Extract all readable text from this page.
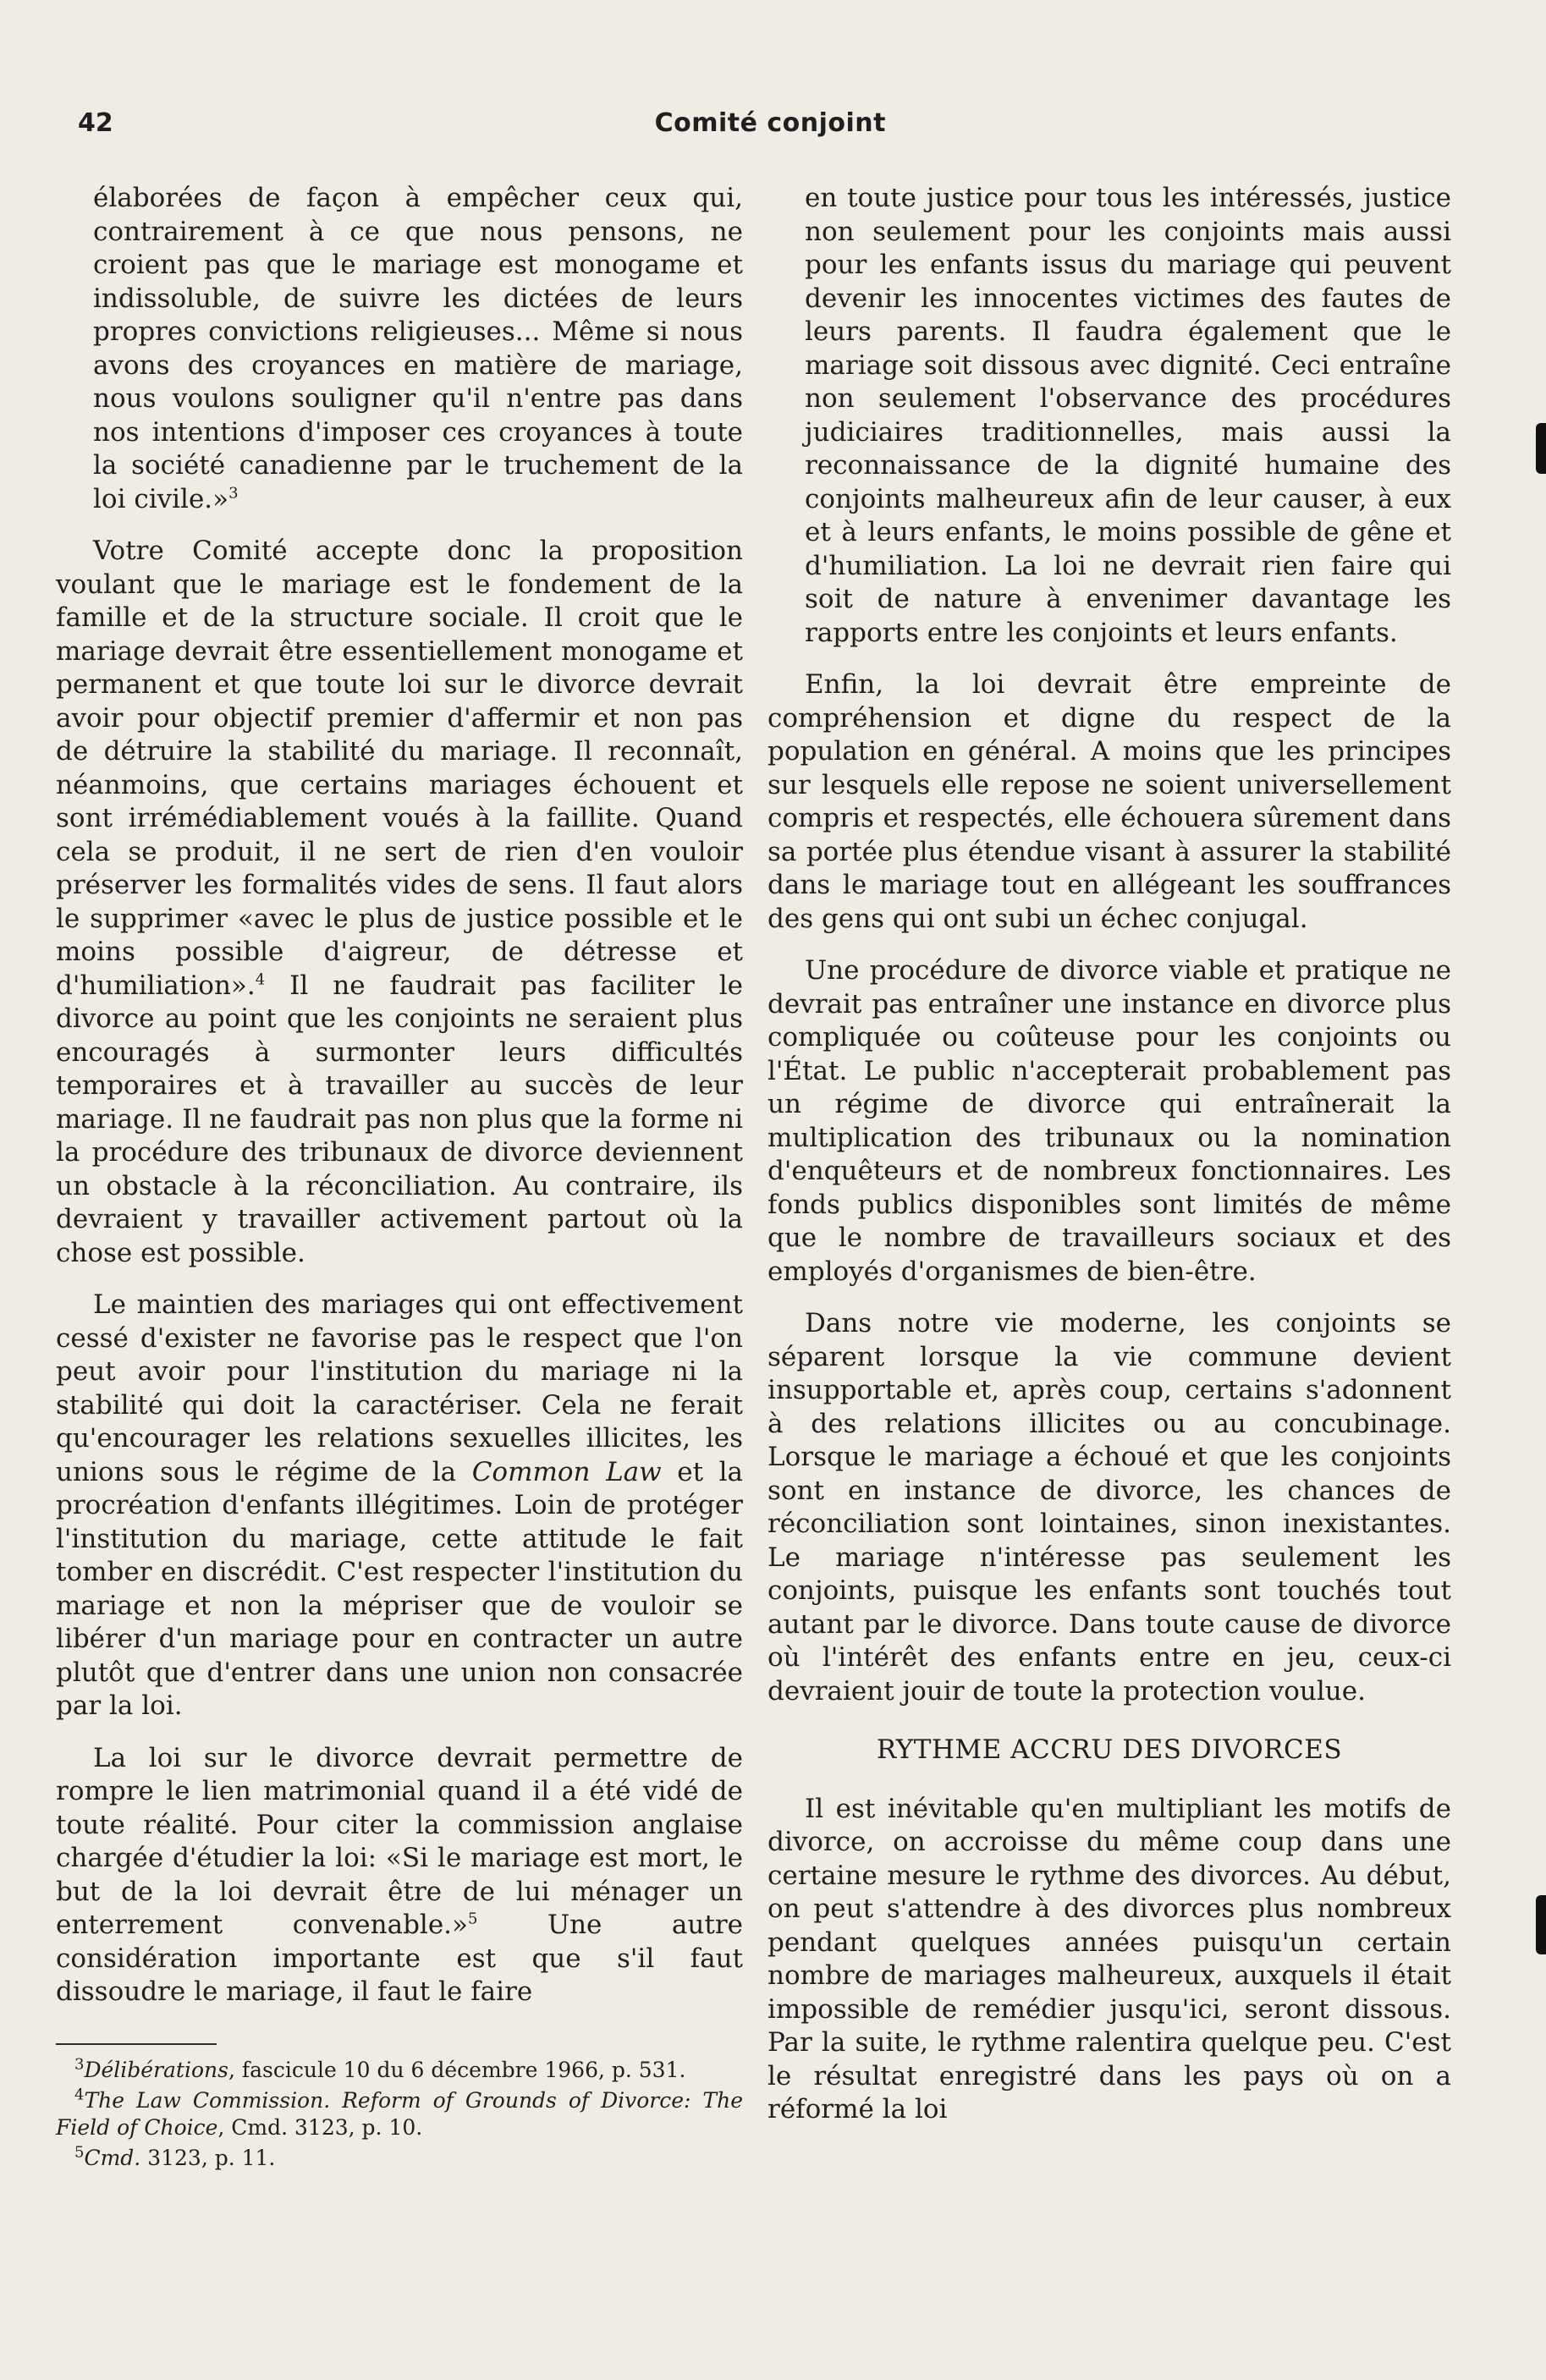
42	Comité conjoint

élaborées de façon à empêcher ceux qui, contrairement à ce que nous pensons, ne croient pas que le mariage est monogame et indissoluble, de suivre les dictées de leurs propres convictions religieuses... Même si nous avons des croyances en matière de mariage, nous voulons souligner qu'il n'entre pas dans nos intentions d'imposer ces croyances à toute la société canadienne par le truchement de la loi civile.»$^3$

Votre Comité accepte donc la proposition voulant que le mariage est le fondement de la famille et de la structure sociale. Il croit que le mariage devrait être essentiellement monogame et permanent et que toute loi sur le divorce devrait avoir pour objectif premier d'affermir et non pas de détruire la stabilité du mariage. Il reconnaît, néanmoins, que certains mariages échouent et sont irrémédiablement voués à la faillite. Quand cela se produit, il ne sert de rien d'en vouloir préserver les formalités vides de sens. Il faut alors le supprimer «avec le plus de justice possible et le moins possible d'aigreur, de détresse et d'humiliation».$^4$ Il ne faudrait pas faciliter le divorce au point que les conjoints ne seraient plus encouragés à surmonter leurs difficultés temporaires et à travailler au succès de leur mariage. Il ne faudrait pas non plus que la forme ni la procédure des tribunaux de divorce deviennent un obstacle à la réconciliation. Au contraire, ils devraient y travailler activement partout où la chose est possible.

Le maintien des mariages qui ont effectivement cessé d'exister ne favorise pas le respect que l'on peut avoir pour l'institution du mariage ni la stabilité qui doit la caractériser. Cela ne ferait qu'encourager les relations sexuelles illicites, les unions sous le régime de la Common Law et la procréation d'enfants illégitimes. Loin de protéger l'institution du mariage, cette attitude le fait tomber en discrédit. C'est respecter l'institution du mariage et non la mépriser que de vouloir se libérer d'un mariage pour en contracter un autre plutôt que d'entrer dans une union non consacrée par la loi.

La loi sur le divorce devrait permettre de rompre le lien matrimonial quand il a été vidé de toute réalité. Pour citer la commission anglaise chargée d'étudier la loi: «Si le mariage est mort, le but de la loi devrait être de lui ménager un enterrement convenable.»$^5$	Une autre considération importante est que s'il faut dissoudre le mariage, il faut le faire

$^3$Délibérations, fascicule 10 du 6 décembre 1966, p. 531.

$^4$The Law Commission. Reform of Grounds of Divorce: The Field of Choice, Cmd. 3123, p. 10.

$^5$Cmd. 3123, p. 11.

en toute justice pour tous les intéressés, justice non seulement pour les conjoints mais aussi pour les enfants issus du mariage qui peuvent devenir les innocentes victimes des fautes de leurs parents. Il faudra également que le mariage soit dissous avec dignité. Ceci entraîne non seulement l'observance des procédures judiciaires traditionnelles, mais aussi la reconnaissance de la dignité humaine des conjoints malheureux afin de leur causer, à eux et à leurs enfants, le moins possible de gêne et d'humiliation. La loi ne devrait rien faire qui soit de nature à envenimer davantage les rapports entre les conjoints et leurs enfants.

Enfin, la loi devrait être empreinte de compréhension et digne du respect de la population en général. A moins que les principes sur lesquels elle repose ne soient universellement compris et respectés, elle échouera sûrement dans sa portée plus étendue visant à assurer la stabilité dans le mariage tout en allégeant les souffrances des gens qui ont subi un échec conjugal.

Une procédure de divorce viable et pratique ne devrait pas entraîner une instance en divorce plus compliquée ou coûteuse pour les conjoints ou l'État. Le public n'accepterait probablement pas un régime de divorce qui entraînerait la multiplication des tribunaux ou la nomination d'enquêteurs et de nombreux fonctionnaires. Les fonds publics disponibles sont limités de même que le nombre de travailleurs sociaux et des employés d'organismes de bien-être.

Dans notre vie moderne, les conjoints se séparent lorsque la vie commune devient insupportable et, après coup, certains s'adonnent à des relations illicites ou au concubinage. Lorsque le mariage a échoué et que les conjoints sont en instance de divorce, les chances de réconciliation sont lointaines, sinon inexistantes. Le mariage n'intéresse pas seulement les conjoints, puisque les enfants sont touchés tout autant par le divorce. Dans toute cause de divorce où l'intérêt des enfants entre en jeu, ceux-ci devraient jouir de toute la protection voulue.

RYTHME ACCRU DES DIVORCES

Il est inévitable qu'en multipliant les motifs de divorce, on accroisse du même coup dans une certaine mesure le rythme des divorces. Au début, on peut s'attendre à des divorces plus nombreux pendant quelques années puisqu'un certain nombre de mariages malheureux, auxquels il était impossible de remédier jusqu'ici, seront dissous. Par la suite, le rythme ralentira quelque peu. C'est le résultat enregistré dans les pays où on a réformé la loi
